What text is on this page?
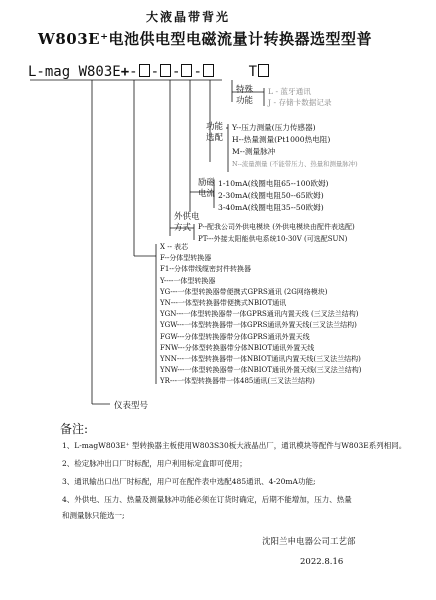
大液晶带背光
W803E⁺电池供电型电磁流量计转换器选型型普
L-mag W803E+- - - -	T
特殊
功能
L - 蓝牙通讯
J - 存储卡数据记录
功能
选配
Y--压力测量(压力传感器)
H--热量测量(Pt1000热电阻)
M--测量脉冲
N--流量测量 (不能带压力、热量和测量脉冲)
励磁
电流
1-10mA(线圈电阻65--100欧姆)
2-30mA(线圈电阻50--65欧姆)
3-40mA(线圈电阻35--50欧姆)
外供电
方式 P--配我公司外供电模块 (外供电模块由配件表选配)
PT---外接太阳能供电系统10-30V (可选配SUN)
X -- 表芯
F--分体型转换器
F1--分体带线缆密封件转换器
Y----一体型转换器
YG---一体型转换器带便携式GPRS通讯 (2G网络模块)
YN---一体型转换器带便携式NBIOT通讯
YGN---一体型转换器带一体GPRS通讯内置天线 (三叉法兰结构)
YGW---一体型转换器带一体GPRS通讯外置天线(三叉法兰结构)
FGW---分体型转换器带分体GPRS通讯外置天线
FNW---分体型转换器带分体NBIOT通讯外置天线
YNN---一体型转换器带一体NBIOT通讯内置天线(三叉法兰结构)
YNW---一体型转换器带一体NBIOT通讯外置天线(三叉法兰结构)
YR---一体型转换器带一体485通讯(三叉法兰结构)
仪表型号
备注:
1、L-magW803E⁺ 型转换器主板使用W803S30板大液晶出厂，通讯模块等配件与W803E系列相同。
2、检定脉冲出口厂时标配，用户利用标定盒即可使用；
3、通讯输出口出厂时标配，用户可在配件表中选配485通讯、4-20mA功能;
4、外供电、压力、热量及测量脉冲功能必须在订货时确定，后期不能增加，压力、热量
和测量脉只能选一;
沈阳兰申电器公司工艺部
2022.8.16
